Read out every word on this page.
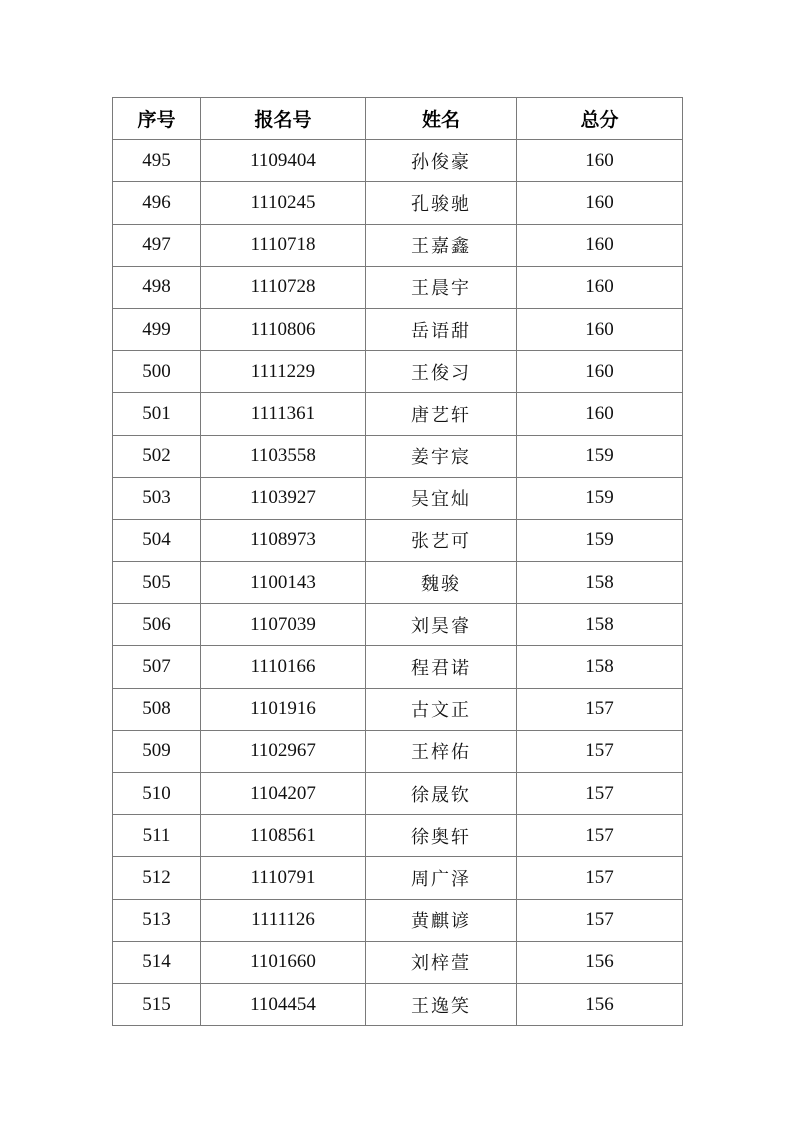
序号	报名号	姓名	总分
495	1109404	孙俊豪	160
496	1110245	孔骏驰	160
497	1110718	王嘉鑫	160
498	1110728	王晨宇	160
499	1110806	岳语甜	160
500	1111229	王俊习	160
501	1111361	唐艺轩	160
502	1103558	姜宇宸	159
503	1103927	吴宜灿	159
504	1108973	张艺可	159
505	1100143	魏骏	158
506	1107039	刘昊睿	158
507	1110166	程君诺	158
508	1101916	古文正	157
509	1102967	王梓佑	157
510	1104207	徐晟钦	157
511	1108561	徐奥轩	157
512	1110791	周广泽	157
513	1111126	黄麒谚	157
514	1101660	刘梓萱	156
515	1104454	王逸笑	156
